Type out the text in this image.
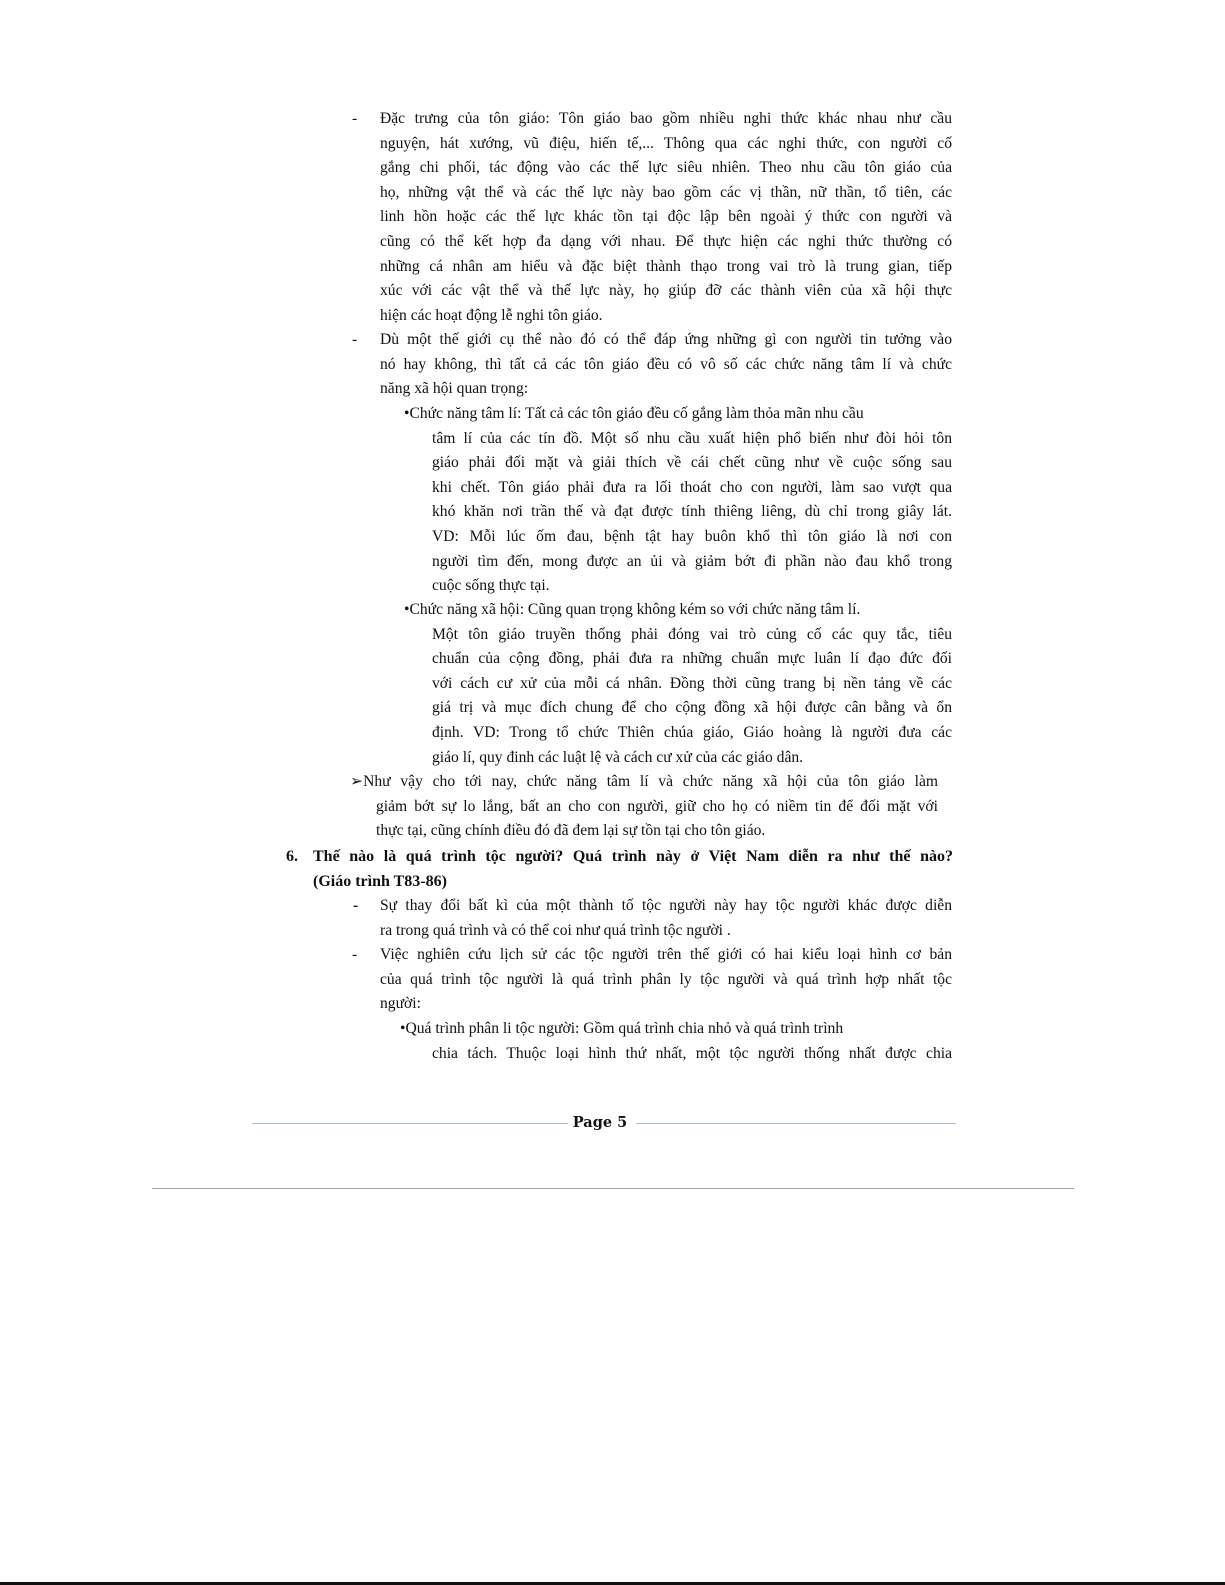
- Đặc trưng của tôn giáo: Tôn giáo bao gồm nhiều nghi thức khác nhau như cầu
nguyện, hát xướng, vũ điệu, hiến tế,... Thông qua các nghi thức, con người cố
gắng chi phối, tác động vào các thế lực siêu nhiên. Theo nhu cầu tôn giáo của
họ, những vật thể và các thế lực này bao gồm các vị thần, nữ thần, tổ tiên, các
linh hồn hoặc các thế lực khác tồn tại độc lập bên ngoài ý thức con người và
cũng có thể kết hợp đa dạng với nhau. Để thực hiện các nghi thức thường có
những cá nhân am hiểu và đặc biệt thành thạo trong vai trò là trung gian, tiếp
xúc với các vật thể và thế lực này, họ giúp đỡ các thành viên của xã hội thực
hiện các hoạt động lễ nghi tôn giáo.
- Dù một thế giới cụ thể nào đó có thể đáp ứng những gì con người tin tưởng vào
nó hay không, thì tất cả các tôn giáo đều có vô số các chức năng tâm lí và chức
năng xã hội quan trọng:
•Chức năng tâm lí: Tất cả các tôn giáo đều cố gắng làm thỏa mãn nhu cầu
tâm lí của các tín đồ. Một số nhu cầu xuất hiện phổ biến như đòi hỏi tôn
giáo phải đối mặt và giải thích về cái chết cũng như về cuộc sống sau
khi chết. Tôn giáo phải đưa ra lối thoát cho con người, làm sao vượt qua
khó khăn nơi trần thế và đạt được tính thiêng liêng, dù chỉ trong giây lát.
VD: Mỗi lúc ốm đau, bệnh tật hay buôn khổ thì tôn giáo là nơi con
người tìm đến, mong được an ủi và giảm bớt đi phần nào đau khổ trong
cuộc sống thực tại.
•Chức năng xã hội: Cũng quan trọng không kém so với chức năng tâm lí.
Một tôn giáo truyền thống phải đóng vai trò củng cố các quy tắc, tiêu
chuẩn của cộng đồng, phải đưa ra những chuẩn mực luân lí đạo đức đối
với cách cư xử của mỗi cá nhân. Đồng thời cũng trang bị nền tảng về các
giá trị và mục đích chung để cho cộng đồng xã hội được cân bằng và ổn
định. VD: Trong tổ chức Thiên chúa giáo, Giáo hoàng là người đưa các
giáo lí, quy đinh các luật lệ và cách cư xử của các giáo dân.
➢Như vậy cho tới nay, chức năng tâm lí và chức năng xã hội của tôn giáo làm
giảm bớt sự lo lắng, bất an cho con người, giữ cho họ có niềm tin để đối mặt với
thực tại, cũng chính điều đó đã đem lại sự tồn tại cho tôn giáo.
6. Thế nào là quá trình tộc người? Quá trình này ở Việt Nam diễn ra như thế nào?
(Giáo trình T83-86)
- Sự thay đổi bất kì của một thành tố tộc người này hay tộc người khác được diễn
ra trong quá trình và có thể coi như quá trình tộc người .
- Việc nghiên cứu lịch sử các tộc người trên thế giới có hai kiểu loại hình cơ bản
của quá trình tộc người là quá trình phân ly tộc người và quá trình hợp nhất tộc
người:
•Quá trình phân li tộc người: Gồm quá trình chia nhỏ và quá trình trình
chia tách. Thuộc loại hình thứ nhất, một tộc người thống nhất được chia
Page 5
